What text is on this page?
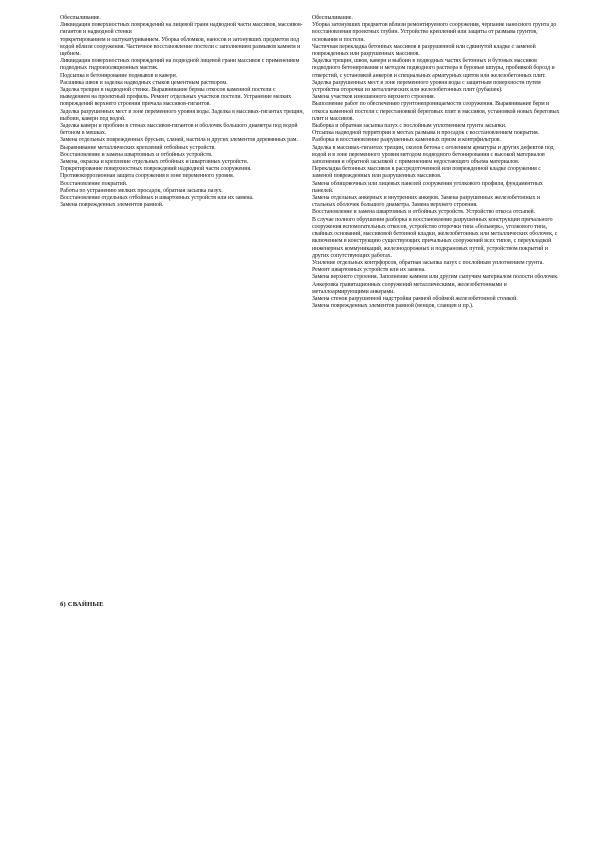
Обеспыливание.

Ликвидация поверхностных повреждений на лицевой грани надводной части массивов, массивов-гигантов и надводной стенки

торкретированием и оштукатуриванием. Уборка обломков, наносов и затонувших предметов под водой вблизи сооружения. Частичное восстановление постели с заполнением размывов камнем и щебнем.

Ликвидация поверхностных повреждений на подводной лицевой грани массивов с применением подводных гидроизоляционных мастик.

Подсыпка в бетонирование подмывов и каверн.

Расшивка швов и заделка надводных стыков цементным раствором.

Заделка трещин в надводной стенке. Выравнивание бермы откосов каменной постели с выведением на проектный профиль. Ремонт отдельных участков постели. Устранение мелких повреждений верхнего строения причала массивов-гигантов.

Заделка разрушенных мест в зоне переменного уровня воды. Заделка в массивах-гигантах трещин, выбоин, каверн под водой.

Заделка каверн и пробоин в стенах массивов-гигантов и оболочек большого диаметра под водой бетоном в мешках.

Замена отдельных поврежденных брусьев, сланей, настила и других элементов деревянных рам.

Выравнивание металлических креплений отбойных устройств.

Восстановление и замена швартовных и отбойных устройств.

Замена, окраска и крепление отдельных отбойных и швартовных устройств.

Торкретирование поверхностных повреждений надводной части сооружения.

Противокоррозионная защита сооружения в зоне переменного уровня.

Восстановление покрытий.

Работы по устранению мелких просадок, обратная засыпка пазух.

Восстановление отдельных отбойных и швартовных устройств или их замена.

Замена поврежденных элементов рамной.

Обеспыливание.

Уборка затонувших предметов вблизи ремонтируемого сооружения, черпание наносного грунта до восстановления проектных глубин. Устройство креплений или защиты от размыва грунтов, основания и постели.

Частичная перекладка бетонных массивов в разрушенной или сдвинутой кладке с заменой поврежденных или разрушенных массивов.

Заделка трещин, швов, каверн и выбоин в подводных частях бетонных и бутовых массивов подводного бетонирования и методом подводного раствора в буровые шпуры, пробивкой борозд и отверстий, с установкой анкеров и специальных арматурных щитов или железобетонных плит. Заделка разрушенных мест в зоне переменного уровня воды с защитным поверхности путем устройства оторочки из металлических или железобетонных плит (рубашек).

Замена участков изношенного верхнего строения.

Выполнение работ по обеспечению грунтонепроницаемости сооружения. Выравнивание берм и откоса каменной постели с перестановкой береговых плит и массивов, установкой новых береговых плит и массивов.

Выборка и обратная засыпка пазух с послойным уплотнением грунта засыпки.

Отсыпка надводной территории в местах размыва и просадок с восстановлением покрытия. Разборка и восстановление разрушенных каменных призм и контрфильтров.

Заделка в массивах-гигантах трещин, сколов бетона с оголением арматуры и других дефектов под водой и в зоне переменного уровня методом подводного бетонирования с высокой материалов заполнения и обратной засыпкой с применением недостающего объема материалов.

Перекладка бетонных массивов в рассредоточенной или поврежденной кладке сооружения с заменой поврежденных или разрушенных массивов.

Замена облицовочных или лицевых панелей сооружения уголкового профиля, фундаментных панелей.

Замена отдельных анкерных и внутренних анкеров. Замена разрушенных железобетонных и стальных оболочек большого диаметра. Замена верхнего строения.

Восстановление и замена швартовных и отбойных устройств. Устройство откоса отсыпей.

В случае полного обрушения разборка и восстановление разрушенных конструкции причального сооружения вспомогательных откосов, устройство оторочки типа «больверк», уголкового типа, свайных оснований, массивовой бетонной кладки, железобетонных или металлических оболочек, с включением в конструкцию существующих причальных сооружений всех типов, с переукладкой инженерных коммуникаций, железнодорожных и подкрановых путей, устройством покрытий и других сопутствующих работах.

Усиление отдельных контрфорсов, обратная засыпка пазух с послойным уплотнением грунта. Ремонт швартовных устройств или их замена.

Замена верхнего строения. Заполнение камнем или другим сыпучим материалом полости оболочек.

Анкеровка гравитационных сооружений металлическими, железобетонными и металлоармирующими анкерами.

Замена стенок разрушенной надстройки рамной обоймой железобетонной стенкой.

Замена поврежденных элементов рамной (венцов, сланцев и пр.).

б) СВАЙНЫЕ
